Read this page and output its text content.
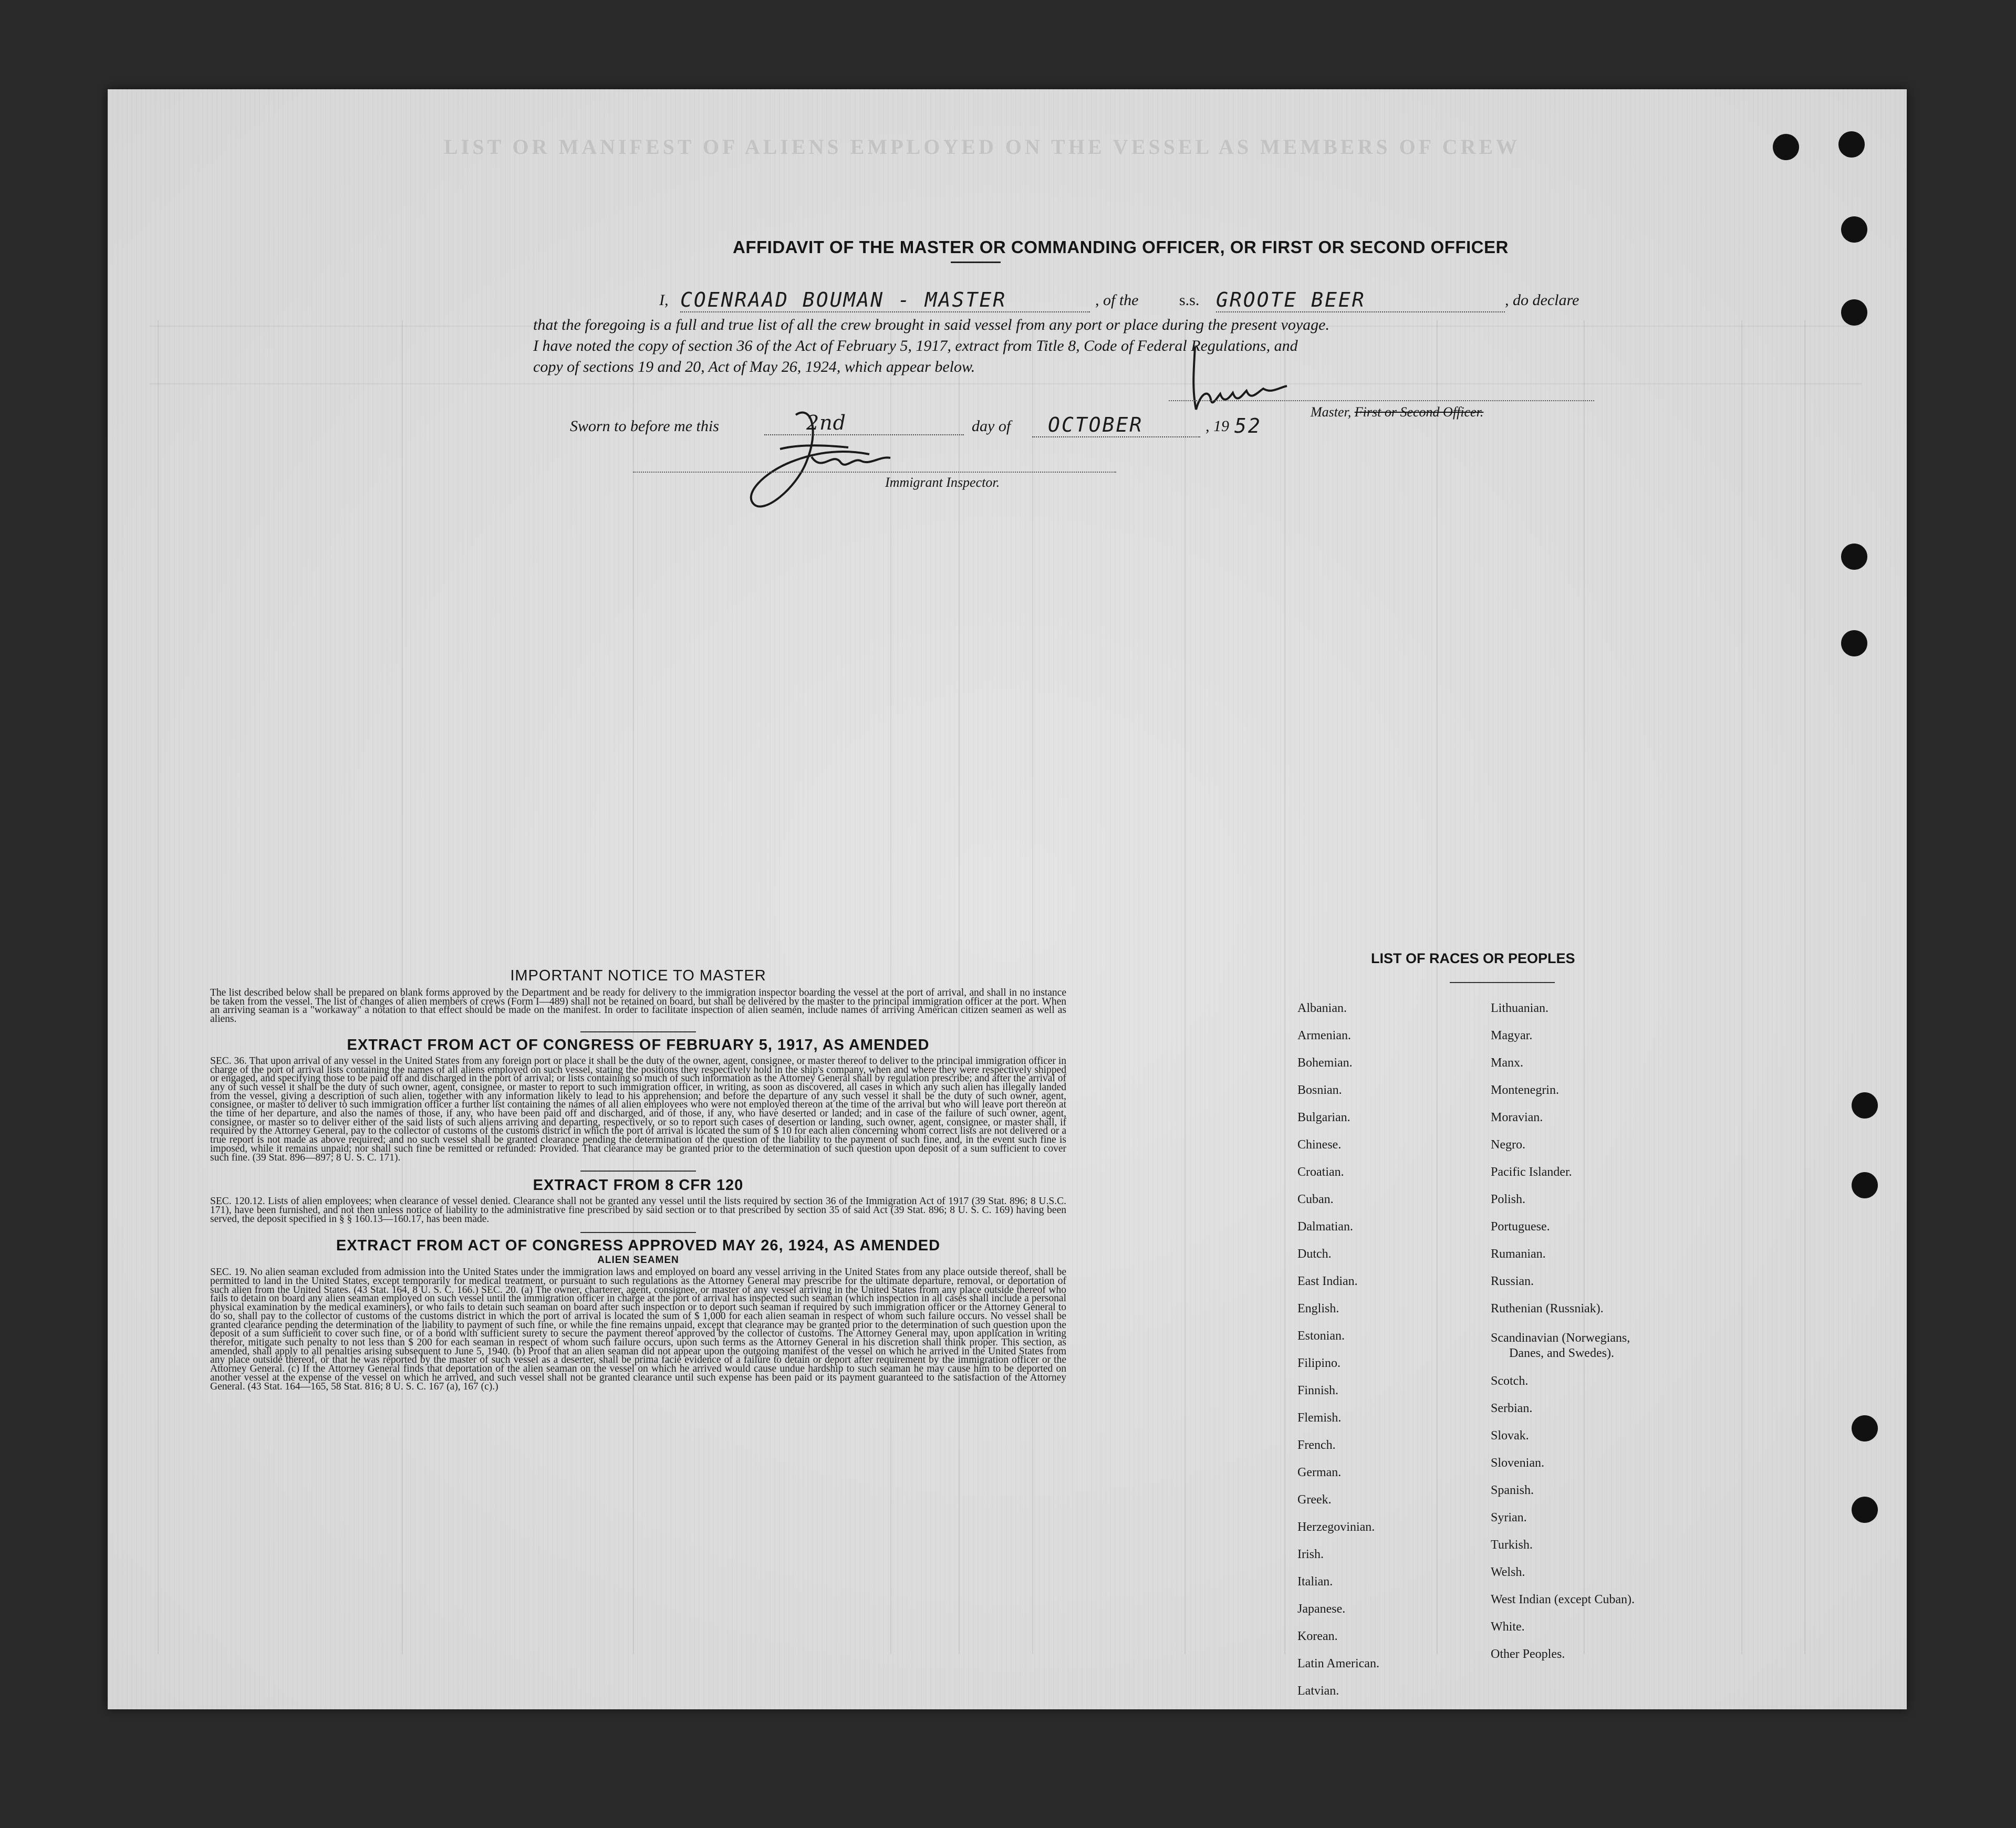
LIST OR MANIFEST OF ALIENS EMPLOYED ON THE VESSEL AS MEMBERS OF CREW
AFFIDAVIT OF THE MASTER OR COMMANDING OFFICER, OR FIRST OR SECOND OFFICER
I, COENRAAD BOUMAN - MASTER	, of the	s.s. GROOTE BEER	, do declare
that the foregoing is a full and true list of all the crew brought in said vessel from any port or place during the present voyage.
I have noted the copy of section 36 of the Act of February 5, 1917, extract from Title 8, Code of Federal Regulations, and
copy of sections 19 and 20, Act of May 26, 1924, which appear below.
Master, First or Second Officer.
Sworn to before me this	2nd	day of	OCTOBER	, 19 52
Immigrant Inspector.
IMPORTANT NOTICE TO MASTER
The list described below shall be prepared on blank forms approved by the Department and be ready for delivery to the immigration inspector boarding the vessel at the port of arrival, and shall in no instance be taken from the vessel. The list of changes of alien members of crews (Form I—489) shall not be retained on board, but shall be delivered by the master to the principal immigration officer at the port. When an arriving seaman is a "workaway" a notation to that effect should be made on the manifest. In order to facilitate inspection of alien seamen, include names of arriving American citizen seamen as well as aliens.
EXTRACT FROM ACT OF CONGRESS OF FEBRUARY 5, 1917, AS AMENDED
SEC. 36. That upon arrival of any vessel in the United States from any foreign port or place it shall be the duty of the owner, agent, consignee, or master thereof to deliver to the principal immigration officer in charge of the port of arrival lists containing the names of all aliens employed on such vessel, stating the positions they respectively hold in the ship's company, when and where they were respectively shipped or engaged, and specifying those to be paid off and discharged in the port of arrival; or lists containing so much of such information as the Attorney General shall by regulation prescribe; and after the arrival of any of such vessel it shall be the duty of such owner, agent, consignee, or master to report to such immigration officer, in writing, as soon as discovered, all cases in which any such alien has illegally landed from the vessel, giving a description of such alien, together with any information likely to lead to his apprehension; and before the departure of any such vessel it shall be the duty of such owner, agent, consignee, or master to deliver to such immigration officer a further list containing the names of all alien employees who were not employed thereon at the time of the arrival but who will leave port thereon at the time of her departure, and also the names of those, if any, who have been paid off and discharged, and of those, if any, who have deserted or landed; and in case of the failure of such owner, agent, consignee, or master so to deliver either of the said lists of such aliens arriving and departing, respectively, or so to report such cases of desertion or landing, such owner, agent, consignee, or master shall, if required by the Attorney General, pay to the collector of customs of the customs district in which the port of arrival is located the sum of $ 10 for each alien concerning whom correct lists are not delivered or a true report is not made as above required; and no such vessel shall be granted clearance pending the determination of the question of the liability to the payment of such fine, and, in the event such fine is imposed, while it remains unpaid; nor shall such fine be remitted or refunded: Provided. That clearance may be granted prior to the determination of such question upon deposit of a sum sufficient to cover such fine. (39 Stat. 896—897; 8 U. S. C. 171).
EXTRACT FROM 8 CFR 120
SEC. 120.12. Lists of alien employees; when clearance of vessel denied. Clearance shall not be granted any vessel until the lists required by section 36 of the Immigration Act of 1917 (39 Stat. 896; 8 U.S.C. 171), have been furnished, and not then unless notice of liability to the administrative fine prescribed by said section or to that prescribed by section 35 of said Act (39 Stat. 896; 8 U. S. C. 169) having been served, the deposit specified in § § 160.13—160.17, has been made.
EXTRACT FROM ACT OF CONGRESS APPROVED MAY 26, 1924, AS AMENDED
ALIEN SEAMEN
SEC. 19. No alien seaman excluded from admission into the United States under the immigration laws and employed on board any vessel arriving in the United States from any place outside thereof, shall be permitted to land in the United States, except temporarily for medical treatment, or pursuant to such regulations as the Attorney General may prescribe for the ultimate departure, removal, or deportation of such alien from the United States. (43 Stat. 164, 8 U. S. C. 166.) SEC. 20. (a) The owner, charterer, agent, consignee, or master of any vessel arriving in the United States from any place outside thereof who fails to detain on board any alien seaman employed on such vessel until the immigration officer in charge at the port of arrival has inspected such seaman (which inspection in all cases shall include a personal physical examination by the medical examiners), or who fails to detain such seaman on board after such inspection or to deport such seaman if required by such immigration officer or the Attorney General to do so, shall pay to the collector of customs of the customs district in which the port of arrival is located the sum of $ 1,000 for each alien seaman in respect of whom such failure occurs. No vessel shall be granted clearance pending the determination of the liability to payment of such fine, or while the fine remains unpaid, except that clearance may be granted prior to the determination of such question upon the deposit of a sum sufficient to cover such fine, or of a bond with sufficient surety to secure the payment thereof approved by the collector of customs. The Attorney General may, upon application in writing therefor, mitigate such penalty to not less than $ 200 for each seaman in respect of whom such failure occurs, upon such terms as the Attorney General in his discretion shall think proper. This section, as amended, shall apply to all penalties arising subsequent to June 5, 1940. (b) Proof that an alien seaman did not appear upon the outgoing manifest of the vessel on which he arrived in the United States from any place outside thereof, or that he was reported by the master of such vessel as a deserter, shall be prima facie evidence of a failure to detain or deport after requirement by the immigration officer or the Attorney General. (c) If the Attorney General finds that deportation of the alien seaman on the vessel on which he arrived would cause undue hardship to such seaman he may cause him to be deported on another vessel at the expense of the vessel on which he arrived, and such vessel shall not be granted clearance until such expense has been paid or its payment guaranteed to the satisfaction of the Attorney General. (43 Stat. 164—165, 58 Stat. 816; 8 U. S. C. 167 (a), 167 (c).)
LIST OF RACES OR PEOPLES
Albanian.
Armenian.
Bohemian.
Bosnian.
Bulgarian.
Chinese.
Croatian.
Cuban.
Dalmatian.
Dutch.
East Indian.
English.
Estonian.
Filipino.
Finnish.
Flemish.
French.
German.
Greek.
Herzegovinian.
Irish.
Italian.
Japanese.
Korean.
Latin American.
Latvian.
Lithuanian.
Magyar.
Manx.
Montenegrin.
Moravian.
Negro.
Pacific Islander.
Polish.
Portuguese.
Rumanian.
Russian.
Ruthenian (Russniak).
Scandinavian (Norwegians,
Danes, and Swedes).
Scotch.
Serbian.
Slovak.
Slovenian.
Spanish.
Syrian.
Turkish.
Welsh.
West Indian (except Cuban).
White.
Other Peoples.
